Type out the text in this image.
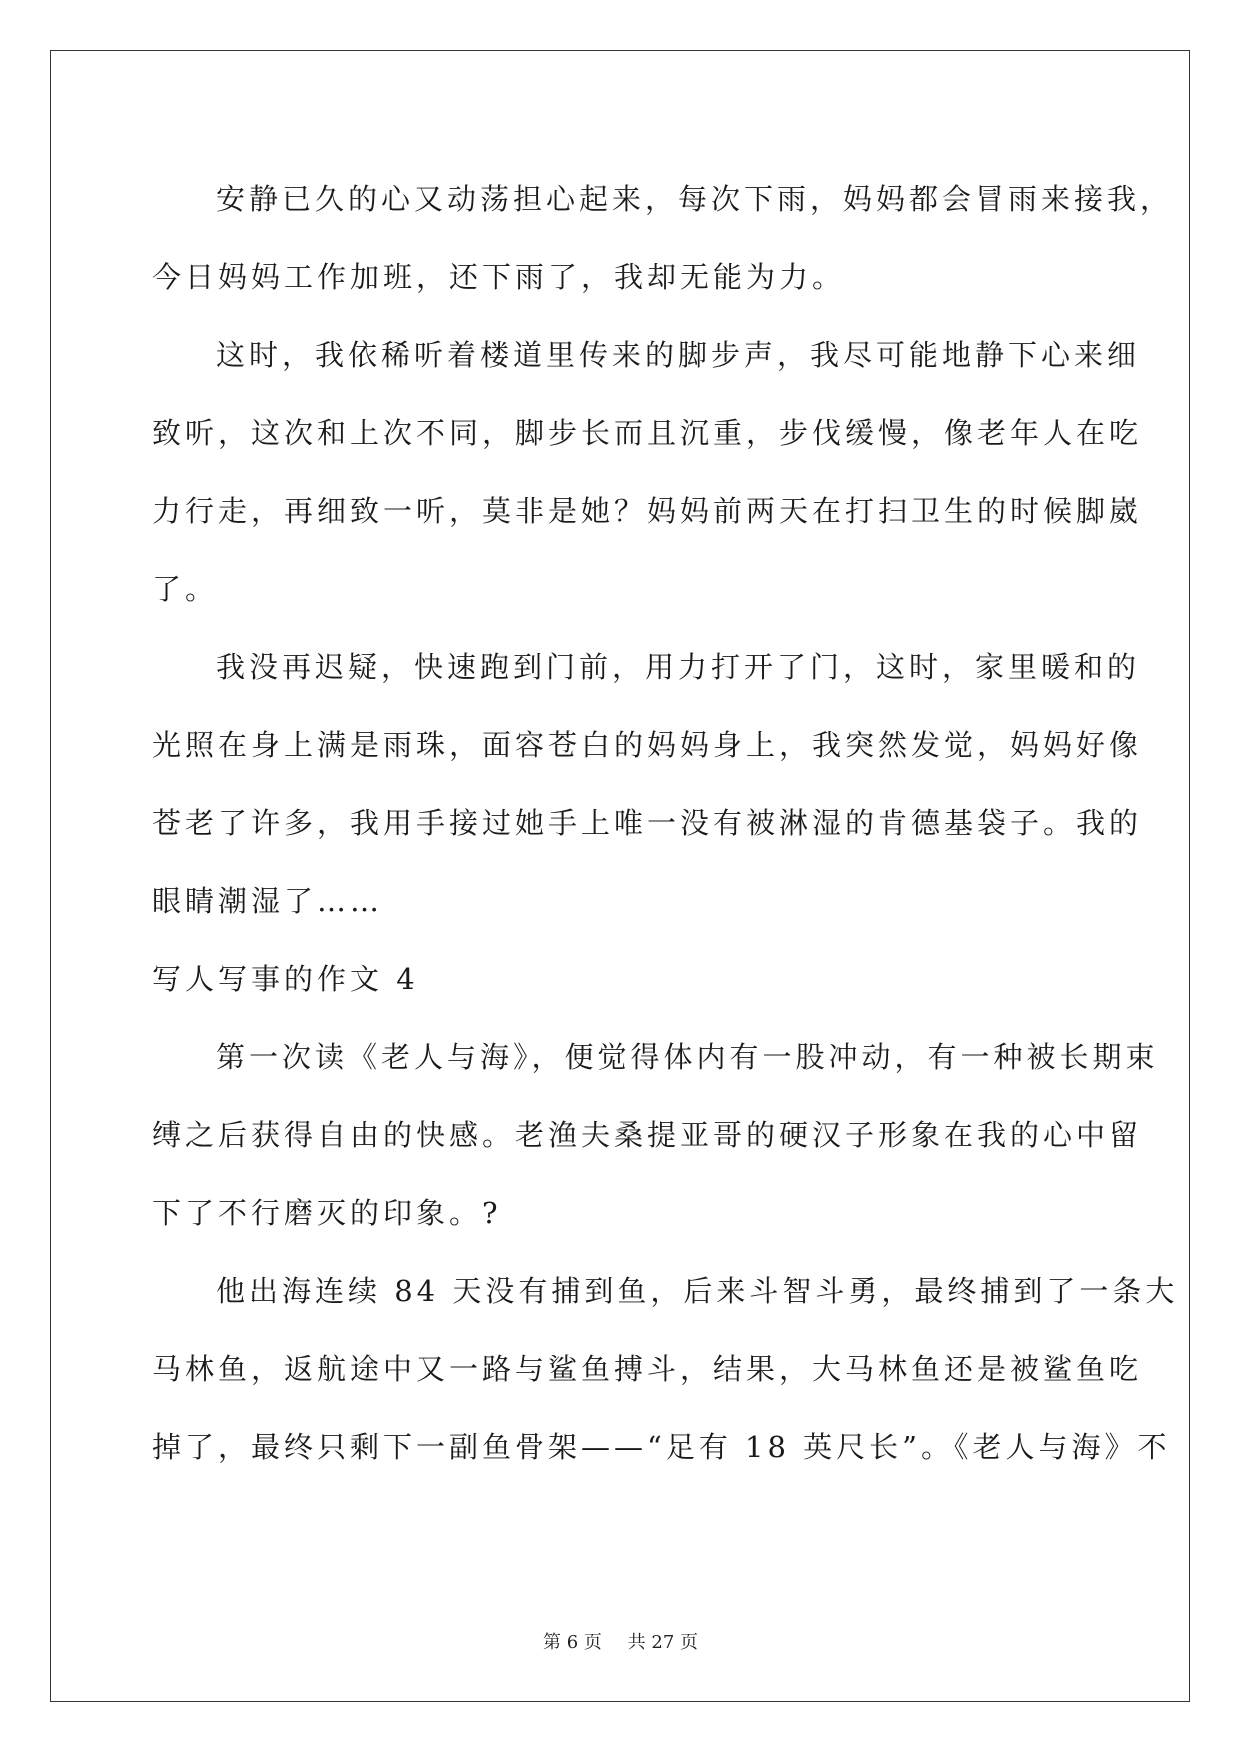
安静已久的心又动荡担心起来，每次下雨，妈妈都会冒雨来接我，
今日妈妈工作加班，还下雨了，我却无能为力。
这时，我依稀听着楼道里传来的脚步声，我尽可能地静下心来细
致听，这次和上次不同，脚步长而且沉重，步伐缓慢，像老年人在吃
力行走，再细致一听，莫非是她？妈妈前两天在打扫卫生的时候脚崴
了。
我没再迟疑，快速跑到门前，用力打开了门，这时，家里暖和的
光照在身上满是雨珠，面容苍白的妈妈身上，我突然发觉，妈妈好像
苍老了许多，我用手接过她手上唯一没有被淋湿的肯德基袋子。我的
眼睛潮湿了……
写人写事的作文 4
第一次读《老人与海》，便觉得体内有一股冲动，有一种被长期束
缚之后获得自由的快感。老渔夫桑提亚哥的硬汉子形象在我的心中留
下了不行磨灭的印象。?
他出海连续 84 天没有捕到鱼，后来斗智斗勇，最终捕到了一条大
马林鱼，返航途中又一路与鲨鱼搏斗，结果，大马林鱼还是被鲨鱼吃
掉了，最终只剩下一副鱼骨架——“足有 18 英尺长”。《老人与海》不
第 6 页 共 27 页
